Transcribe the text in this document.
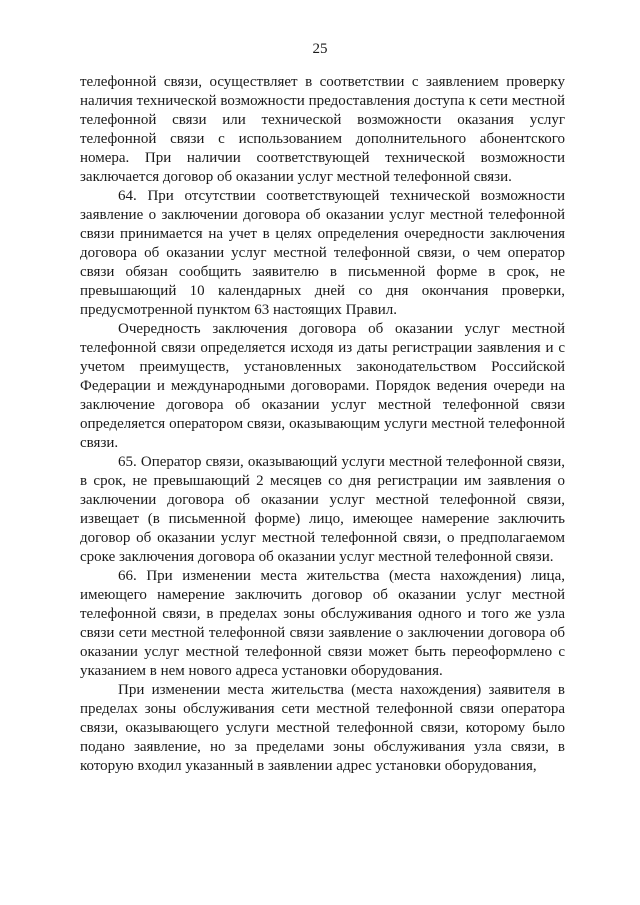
25

телефонной связи, осуществляет в соответствии с заявлением проверку наличия технической возможности предоставления доступа к сети местной телефонной связи или технической возможности оказания услуг телефонной связи с использованием дополнительного абонентского номера. При наличии соответствующей технической возможности заключается договор об оказании услуг местной телефонной связи.

64. При отсутствии соответствующей технической возможности заявление о заключении договора об оказании услуг местной телефонной связи принимается на учет в целях определения очередности заключения договора об оказании услуг местной телефонной связи, о чем оператор связи обязан сообщить заявителю в письменной форме в срок, не превышающий 10 календарных дней со дня окончания проверки, предусмотренной пунктом 63 настоящих Правил.

Очередность заключения договора об оказании услуг местной телефонной связи определяется исходя из даты регистрации заявления и с учетом преимуществ, установленных законодательством Российской Федерации и международными договорами. Порядок ведения очереди на заключение договора об оказании услуг местной телефонной связи определяется оператором связи, оказывающим услуги местной телефонной связи.

65. Оператор связи, оказывающий услуги местной телефонной связи, в срок, не превышающий 2 месяцев со дня регистрации им заявления о заключении договора об оказании услуг местной телефонной связи, извещает (в письменной форме) лицо, имеющее намерение заключить договор об оказании услуг местной телефонной связи, о предполагаемом сроке заключения договора об оказании услуг местной телефонной связи.

66. При изменении места жительства (места нахождения) лица, имеющего намерение заключить договор об оказании услуг местной телефонной связи, в пределах зоны обслуживания одного и того же узла связи сети местной телефонной связи заявление о заключении договора об оказании услуг местной телефонной связи может быть переоформлено с указанием в нем нового адреса установки оборудования.

При изменении места жительства (места нахождения) заявителя в пределах зоны обслуживания сети местной телефонной связи оператора связи, оказывающего услуги местной телефонной связи, которому было подано заявление, но за пределами зоны обслуживания узла связи, в которую входил указанный в заявлении адрес установки оборудования,
